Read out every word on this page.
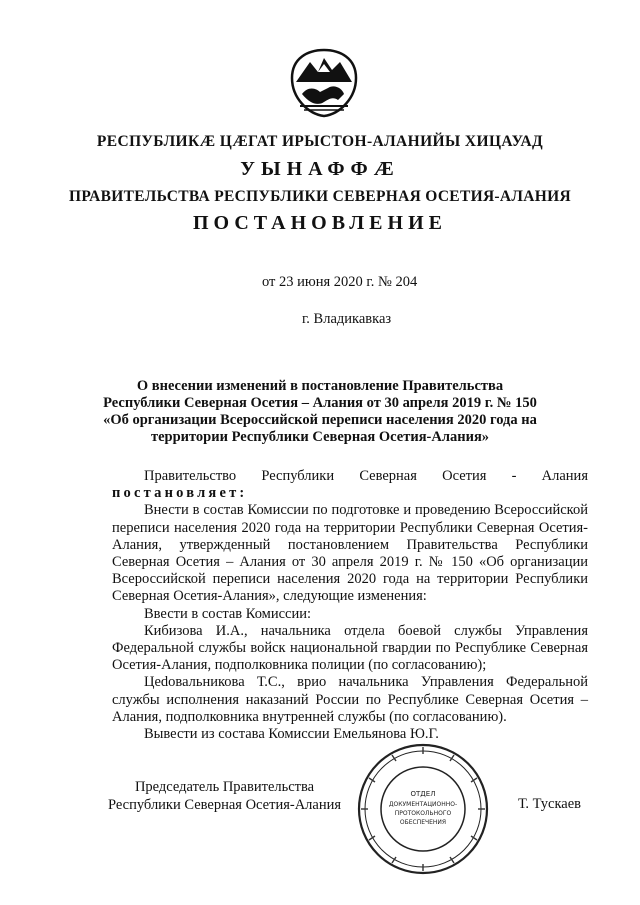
РЕСПУБЛИКӔ ЦӔГАТ ИРЫСТОН-АЛАНИЙЫ ХИЦАУАД
УЫНАФФӔ
ПРАВИТЕЛЬСТВА РЕСПУБЛИКИ СЕВЕРНАЯ ОСЕТИЯ-АЛАНИЯ
ПОСТАНОВЛЕНИЕ
от 23 июня 2020 г. № 204
г. Владикавказ
О внесении изменений в постановление Правительства Республики Северная Осетия – Алания от 30 апреля 2019 г. № 150 «Об организации Всероссийской переписи населения 2020 года на территории Республики Северная Осетия-Алания»

Правительство Республики Северная Осетия - Алания

постановляет:

Внести в состав Комиссии по подготовке и проведению Всероссийской переписи населения 2020 года на территории Республики Северная Осетия-Алания, утвержденный постановлением Правительства Республики Северная Осетия – Алания от 30 апреля 2019 г. № 150 «Об организации Всероссийской переписи населения 2020 года на территории Республики Северная Осетия-Алания», следующие изменения:

Ввести в состав Комиссии:

Кибизова И.А., начальника отдела боевой службы Управления Федеральной службы войск национальной гвардии по Республике Северная Осетия-Алания, подполковника полиции (по согласованию);

Цеdовальникова Т.С., врио начальника Управления Федеральной службы исполнения наказаний России по Республике Северная Осетия – Алания, подполковника внутренней службы (по согласованию).

Вывести из состава Комиссии Емельянова Ю.Г.

Председатель Правительства
Республики Северная Осетия-Алания
ОТДЕЛ
ДОКУМЕНТАЦИОННО-
ПРОТОКОЛЬНОГО
ОБЕСПЕЧЕНИЯ
Т. Тускаев
